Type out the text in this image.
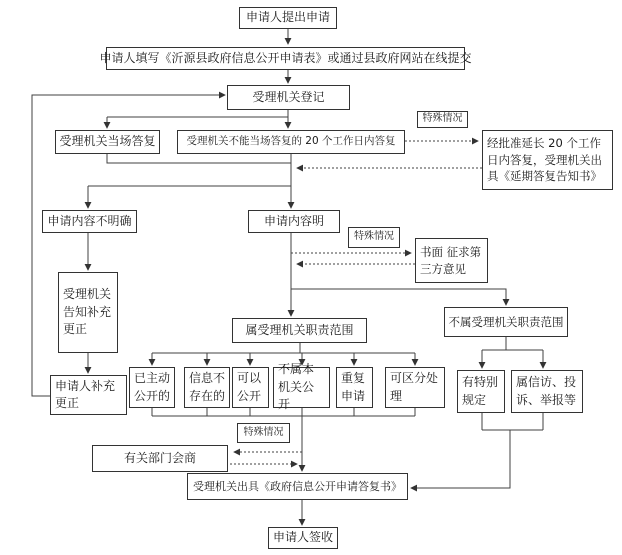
申请人提出申请
申请人填写《沂源县政府信息公开申请表》或通过县政府网站在线提交
受理机关登记
受理机关当场答复	受理机关不能当场答复的 20 个工作日内答复
特殊情况
经批准延长 20 个工作日内答复，受理机关出具《延期答复告知书》
申请内容不明确	申请内容明
特殊情况
书面 征求第三方意见
受理机关告知补充更正
申请人补充更正
属受理机关职责范围
不属受理机关职责范围
已主动公开的
信息不存在的
可以公开
不属本机关公开
重复申请
可区分处理
有特别规定
属信访、投诉、举报等
特殊情况
有关部门会商
受理机关出具《政府信息公开申请答复书》
申请人签收
